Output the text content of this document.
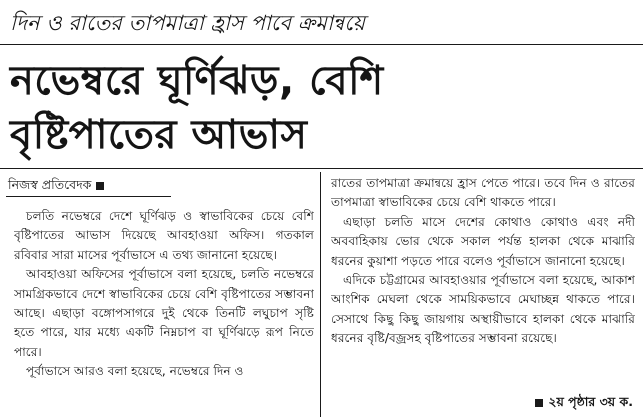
দিন ও রাতের তাপমাত্রা হ্রাস পাবে ক্রমান্বয়ে
নভেম্বরে ঘূর্ণিঝড়, বেশি
বৃষ্টিপাতের আভাস
নিজস্ব প্রতিবেদক

চলতি নভেম্বরে দেশে ঘূর্ণিঝড় ও স্বাভাবিকের চেয়ে বেশি বৃষ্টিপাতের আভাস দিয়েছে আবহাওয়া অফিস। গতকাল রবিবার সারা মাসের পূর্বাভাসে এ তথ্য জানানো হয়েছে।

আবহাওয়া অফিসের পূর্বাভাসে বলা হয়েছে, চলতি নভেম্বরে সামগ্রিকভাবে দেশে স্বাভাবিকের চেয়ে বেশি বৃষ্টিপাতের সম্ভাবনা আছে। এছাড়া বঙ্গোপসাগরে দুই থেকে তিনটি লঘুচাপ সৃষ্টি হতে পারে, যার মধ্যে একটি নিম্নচাপ বা ঘূর্ণিঝড়ে রূপ নিতে পারে।

পূর্বাভাসে আরও বলা হয়েছে, নভেম্বরে দিন ও

রাতের তাপমাত্রা ক্রমান্বয়ে হ্রাস পেতে পারে। তবে দিন ও রাতের তাপমাত্রা স্বাভাবিকের চেয়ে বেশি থাকতে পারে।

এছাড়া চলতি মাসে দেশের কোথাও কোথাও এবং নদী অববাহিকায় ভোর থেকে সকাল পর্যন্ত হালকা থেকে মাঝারি ধরনের কুয়াশা পড়তে পারে বলেও পূর্বাভাসে জানানো হয়েছে।

এদিকে চট্টগ্রামের আবহাওয়ার পূর্বাভাসে বলা হয়েছে, আকাশ আংশিক মেঘলা থেকে সাময়িকভাবে মেঘাচ্ছন্ন থাকতে পারে। সেসাথে কিছু কিছু জায়গায় অস্থায়ীভাবে হালকা থেকে মাঝারি ধরনের বৃষ্টি/বজ্রসহ বৃষ্টিপাতের সম্ভাবনা রয়েছে।

২য় পৃষ্ঠার ৩য় ক.
